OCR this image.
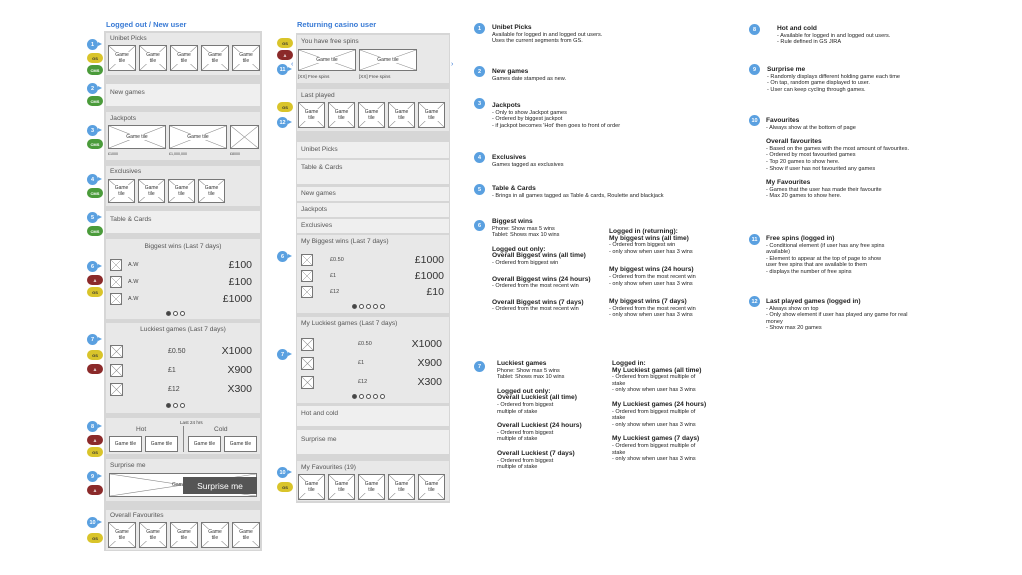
Logged out / New user	Returning casino user
Unibet Picks
Game
tile
Game
tile
Game
tile
Game
tile
Game
tile
New games
Jackpots
Game tile	Game tile
£1000	£1,000,000	£8000
Exclusives
Game
tile
Game
tile
Game
tile
Game
tile
Table & Cards
Biggest wins (Last 7 days)
A.W	£100
A.W	£100
A.W	£1000
Luckiest games (Last 7 days)
£0.50	X1000
£1	X900
£12	X300
Last 24 hrs
Hot	Cold
Game tile	Game tile	Game tile	Game tile
Surprise me
Gam	Surprise me
Overall Favourites
Game
tile
Game
tile
Game
tile
Game
tile
Game
tile
‹	›
You have free spins
Game tile	Game tile
[XX] Free spins	[XX] Free spins
Last played
Game
tile
Game
tile
Game
tile
Game
tile
Game
tile
Unibet Picks
Table & Cards
New games
Jackpots
Exclusives
My Biggest wins (Last 7 days)
£0.50	£1000
£1	£1000
£12	£10
My Luckiest games (Last 7 days)
£0.50	X1000
£1	X900
£12	X300
Hot and cold
Surprise me
My Favourites (19)
Game
tile
Game
tile
Game
tile
Game
tile
Game
tile
1
GS
CMS
2
CMS
3
CMS
4
CMS
5
CMS
6
A
GS
7
GS
A
8
A
GS
9
A
10
GS
GS
A
11
GS
12
6
7
10
GS
1	Unibet Picks
Available for logged in and logged out users.
Uses the current segments from GS.
2	New games
Games date stamped as new.
3	Jackpots
- Only to show Jackpot games
- Ordered by biggest jackpot
- if jackpot becomes 'Hot' then goes to front of order
4	Exclusives
Games tagged as exclusives
5	Table & Cards
- Brings in all games tagged as Table & cards, Roulette and blackjack
6
Biggest wins
Phone: Show max 5 wins
Tablet: Shows max 10 wins
Logged out only:
Overall Biggest wins (all time)
- Ordered from biggest win
Overall Biggest wins (24 hours)
- Ordered from the most recent win
Overall Biggest wins (7 days)
- Ordered from the most recent win
Logged in (returning):
My biggest wins (all time)
- Ordered from biggest win
- only show when user has 3 wins
My biggest wins (24 hours)
- Ordered from the most recent win
- only show when user has 3 wins
My biggest wins (7 days)
- Ordered from the most recent win
- only show when user has 3 wins
7	Luckiest games
Phone: Show max 5 wins
Tablet: Shows max 10 wins
Logged out only:
Overall Luckiest (all time)
- Ordered from biggest
multiple of stake
Overall Luckiest (24 hours)
- Ordered from biggest
multiple of stake
Overall Luckiest (7 days)
- Ordered from biggest
multiple of stake
Logged in:
My Luckiest games (all time)
- Ordered from biggest multiple of
stake
- only show when user has 3 wins
My Luckiest games (24 hours)
- Ordered from biggest multiple of
stake
- only show when user has 3 wins
My Luckiest games (7 days)
- Ordered from biggest multiple of
stake
- only show when user has 3 wins
8	Hot and cold
- Available for logged in and logged out users.
- Rule defined in GS JIRA
9	Surprise me
- Randomly displays different holding game each time
- On tap, random game displayed to user.
- User can keep cycling through games.
10	Favourites
- Always show at the bottom of page
Overall favourites
- Based on the games with the most amount of favourites.
- Ordered by most favourited games
- Top 20 games to show here.
- Show if user has not favourited any games
My Favourites
- Games that the user has made their favourite
- Max 20 games to show here.
11	Free spins (logged in)
- Conditional element (if user has any free spins
available)
- Element to appear at the top of page to show
user free spins that are available to them
- displays the number of free spins
12	Last played games (logged in)
- Always show on top
- Only show element if user has played any game for real
money
- Show max 20 games
